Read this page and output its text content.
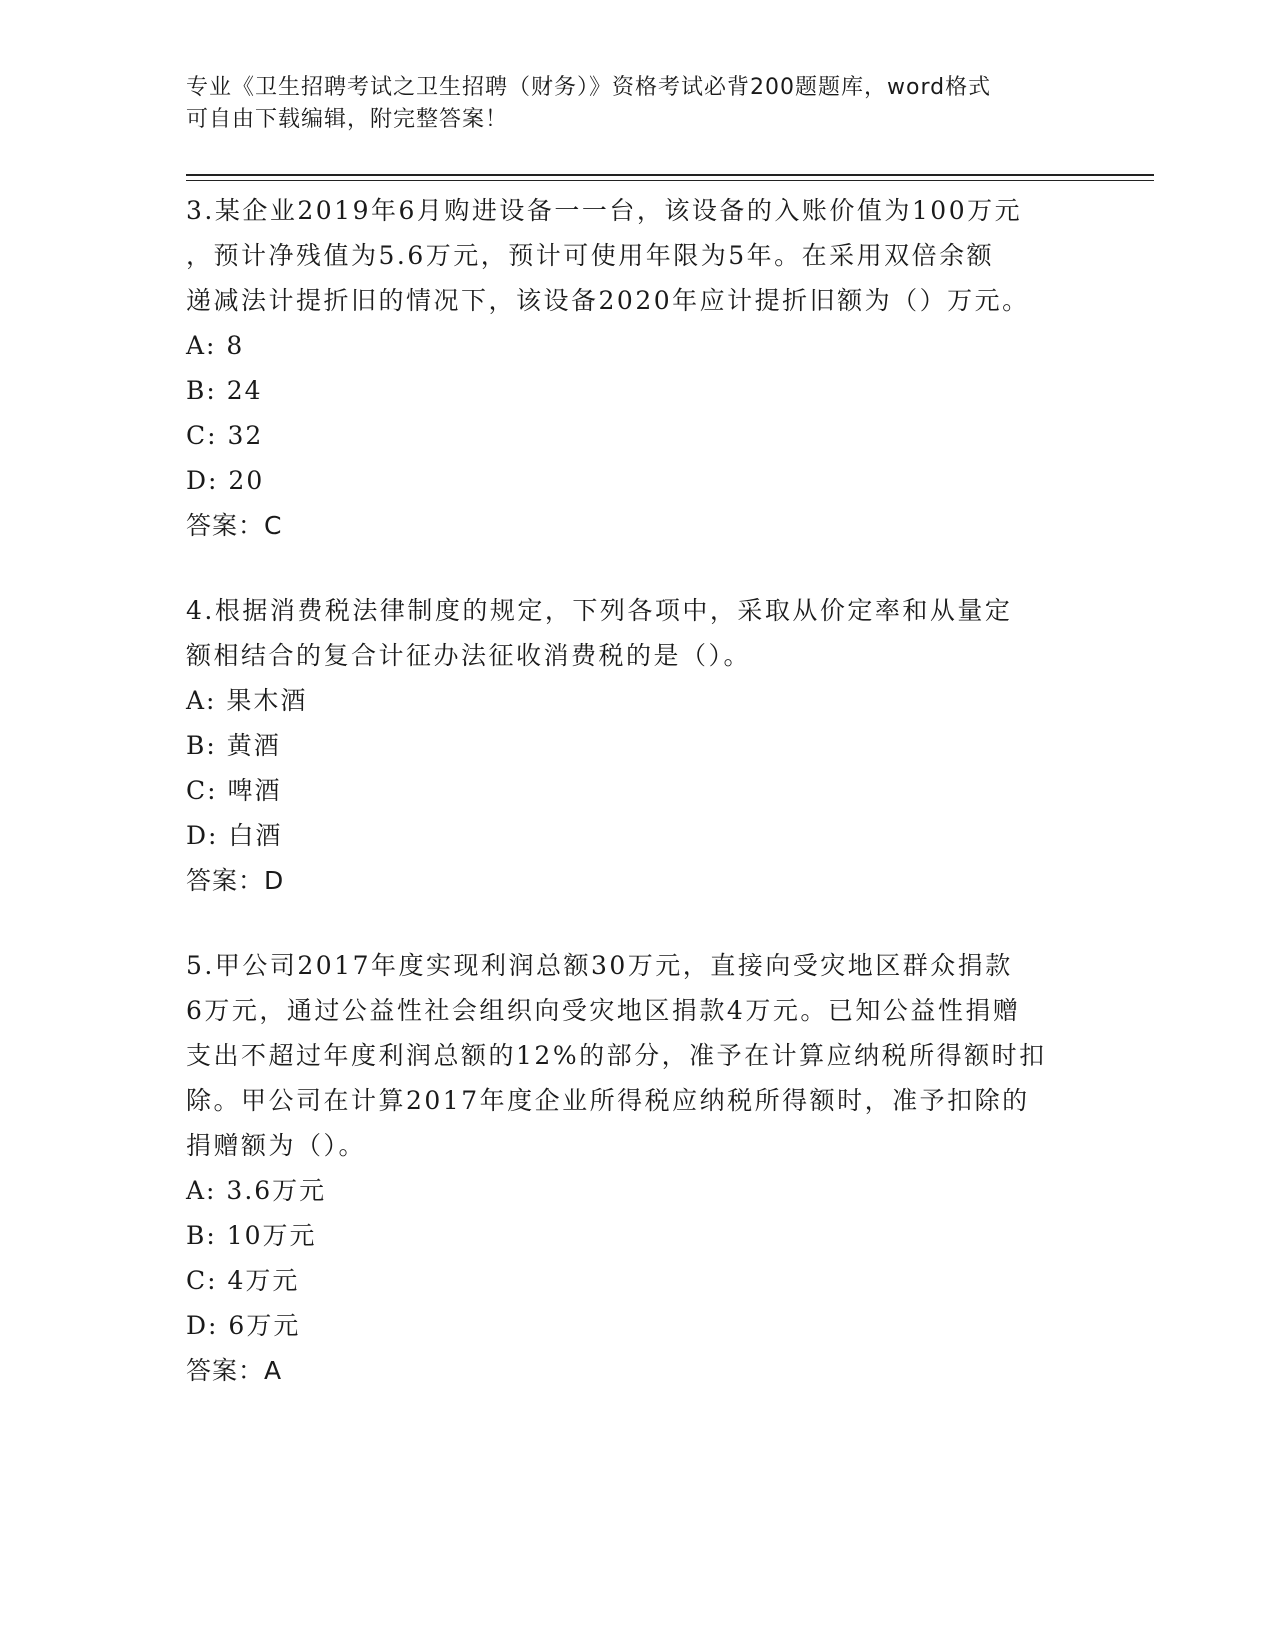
专业《卫生招聘考试之卫生招聘（财务）》资格考试必背200题题库，word格式
可自由下载编辑，附完整答案！
3.某企业2019年6月购进设备一一台，该设备的入账价值为100万元
，预计净残值为5.6万元，预计可使用年限为5年。在采用双倍余额
递减法计提折旧的情况下，该设备2020年应计提折旧额为（）万元。
A: 8
B: 24
C: 32
D: 20
答案：C
4.根据消费税法律制度的规定，下列各项中，采取从价定率和从量定
额相结合的复合计征办法征收消费税的是（）。
A: 果木酒
B: 黄酒
C: 啤酒
D: 白酒
答案：D
5.甲公司2017年度实现利润总额30万元，直接向受灾地区群众捐款
6万元，通过公益性社会组织向受灾地区捐款4万元。已知公益性捐赠
支出不超过年度利润总额的12%的部分，准予在计算应纳税所得额时扣
除。甲公司在计算2017年度企业所得税应纳税所得额时，准予扣除的
捐赠额为（）。
A: 3.6万元
B: 10万元
C: 4万元
D: 6万元
答案：A
